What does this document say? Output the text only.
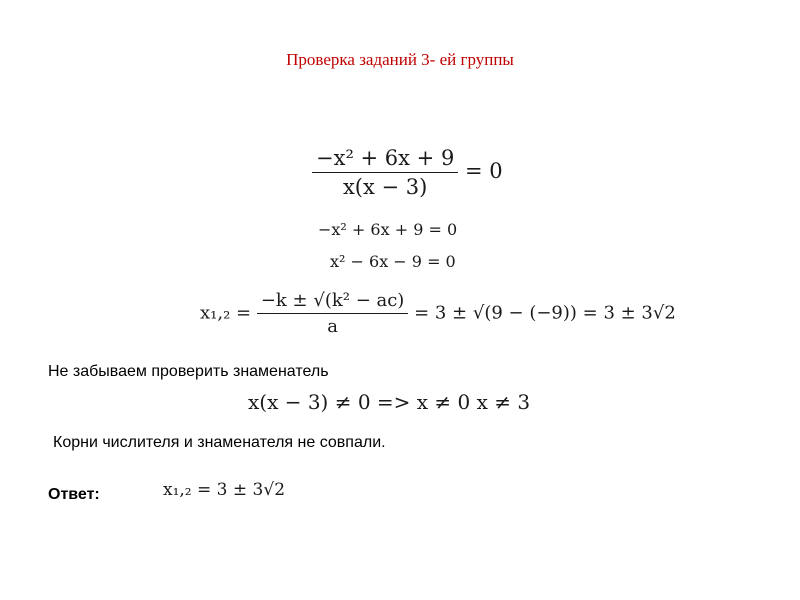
Проверка заданий 3- ей группы
$\frac{\text{−x² + 6x + 9}}{x(x - 3)} = 0$
−x² + 6x + 9 = 0
x² − 6x − 9 = 0
$x_1,_2 = \frac{\text{−k ± √(k² − ac)}}{a} = 3 \pm √(9 - (-9)) = 3 \pm 3√2$
Не забываем проверить знаменатель
x(x − 3) ≠ 0 => x ≠ 0 x ≠ 3
Корни числителя и знаменателя не совпали.
Ответ:	x₁,₂ = 3 ± 3√2
